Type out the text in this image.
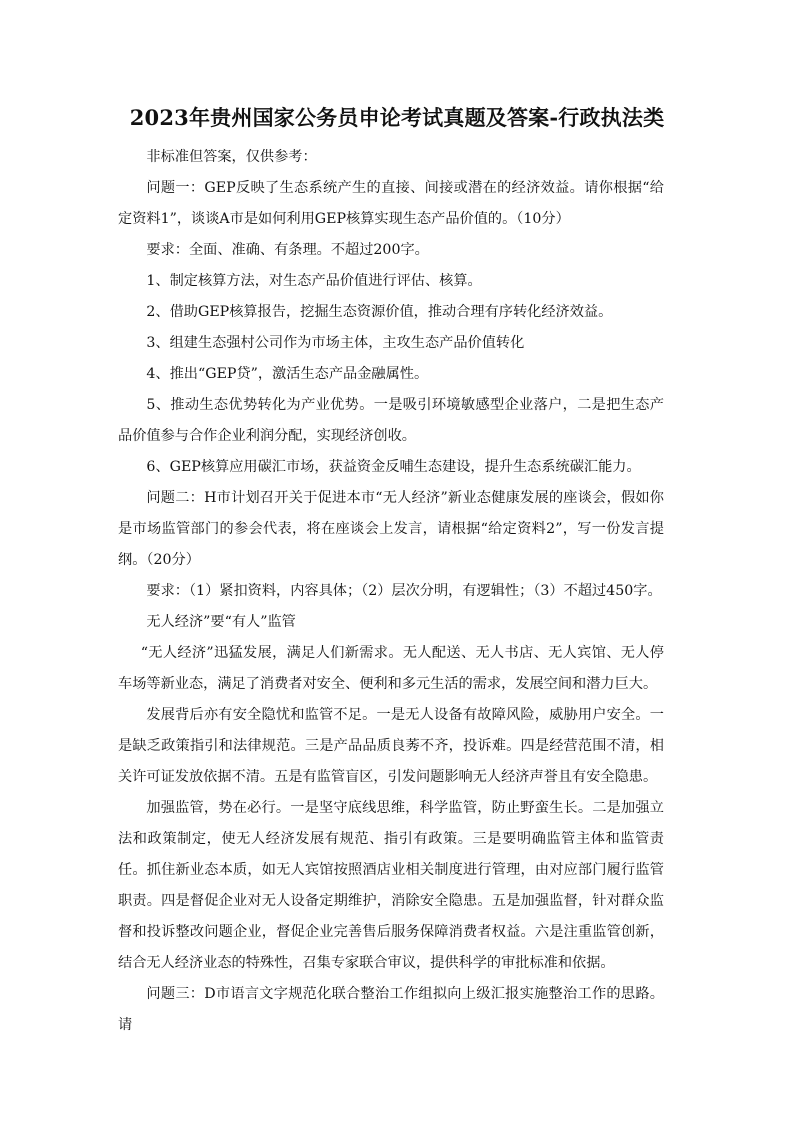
2023年贵州国家公务员申论考试真题及答案-行政执法类

非标准但答案，仅供参考：

问题一：GEP反映了生态系统产生的直接、间接或潜在的经济效益。请你根据“给定资料1”，谈谈A市是如何利用GEP核算实现生态产品价值的。（10分）

要求：全面、准确、有条理。不超过200字。

1、制定核算方法，对生态产品价值进行评估、核算。

2、借助GEP核算报告，挖掘生态资源价值，推动合理有序转化经济效益。

3、组建生态强村公司作为市场主体，主攻生态产品价值转化

4、推出“GEP贷”，激活生态产品金融属性。

5、推动生态优势转化为产业优势。一是吸引环境敏感型企业落户，二是把生态产品价值参与合作企业利润分配，实现经济创收。

6、GEP核算应用碳汇市场，获益资金反哺生态建设，提升生态系统碳汇能力。

问题二：H市计划召开关于促进本市“无人经济”新业态健康发展的座谈会，假如你是市场监管部门的参会代表，将在座谈会上发言，请根据“给定资料2”，写一份发言提纲。（20分）

要求：（1）紧扣资料，内容具体；（2）层次分明，有逻辑性；（3）不超过450字。

无人经济”要“有人”监管

“无人经济”迅猛发展，满足人们新需求。无人配送、无人书店、无人宾馆、无人停车场等新业态，满足了消费者对安全、便利和多元生活的需求，发展空间和潜力巨大。

发展背后亦有安全隐忧和监管不足。一是无人设备有故障风险，威胁用户安全。一是缺乏政策指引和法律规范。三是产品品质良莠不齐，投诉难。四是经营范围不清，相关许可证发放依据不清。五是有监管盲区，引发问题影响无人经济声誉且有安全隐患。

加强监管，势在必行。一是坚守底线思维，科学监管，防止野蛮生长。二是加强立法和政策制定，使无人经济发展有规范、指引有政策。三是要明确监管主体和监管责任。抓住新业态本质，如无人宾馆按照酒店业相关制度进行管理，由对应部门履行监管职责。四是督促企业对无人设备定期维护，消除安全隐患。五是加强监督，针对群众监督和投诉整改问题企业，督促企业完善售后服务保障消费者权益。六是注重监管创新，结合无人经济业态的特殊性，召集专家联合审议，提供科学的审批标准和依据。

问题三：D市语言文字规范化联合整治工作组拟向上级汇报实施整治工作的思路。请
